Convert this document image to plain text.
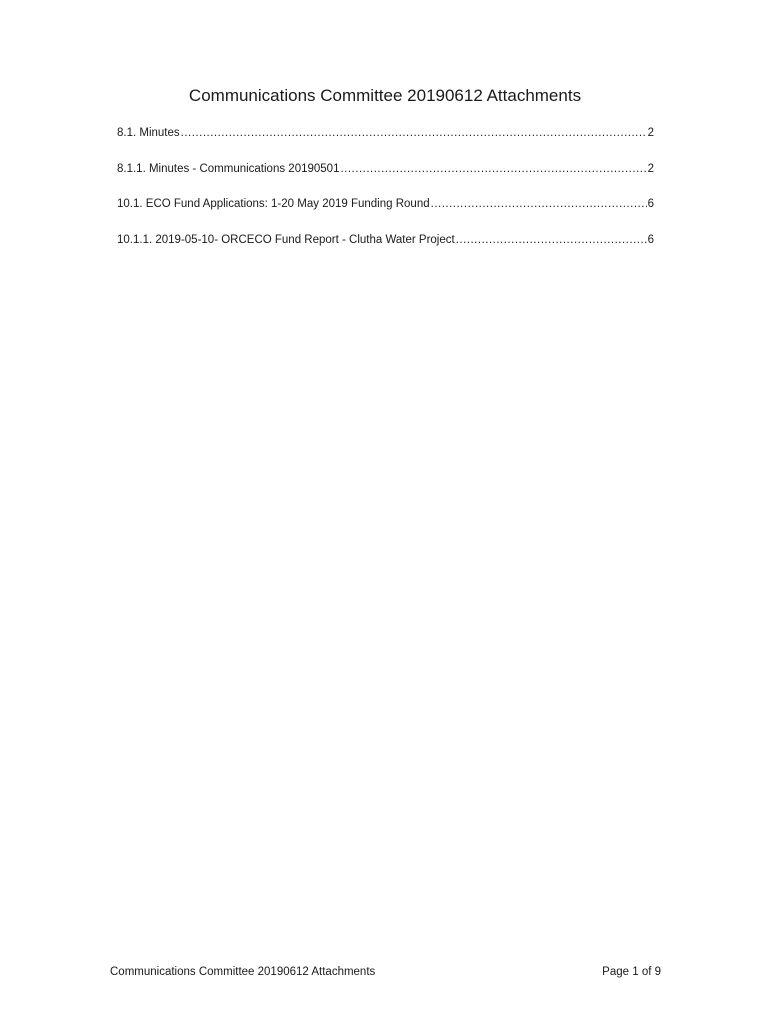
Communications Committee 20190612 Attachments
8.1. Minutes .....	2
8.1.1. Minutes - Communications 20190501 .....	2
10.1. ECO Fund Applications: 1-20 May 2019 Funding Round .....	6
10.1.1. 2019-05-10- ORCECO Fund Report - Clutha Water Project .....	6
Communications Committee 20190612 Attachments	Page 1 of 9
